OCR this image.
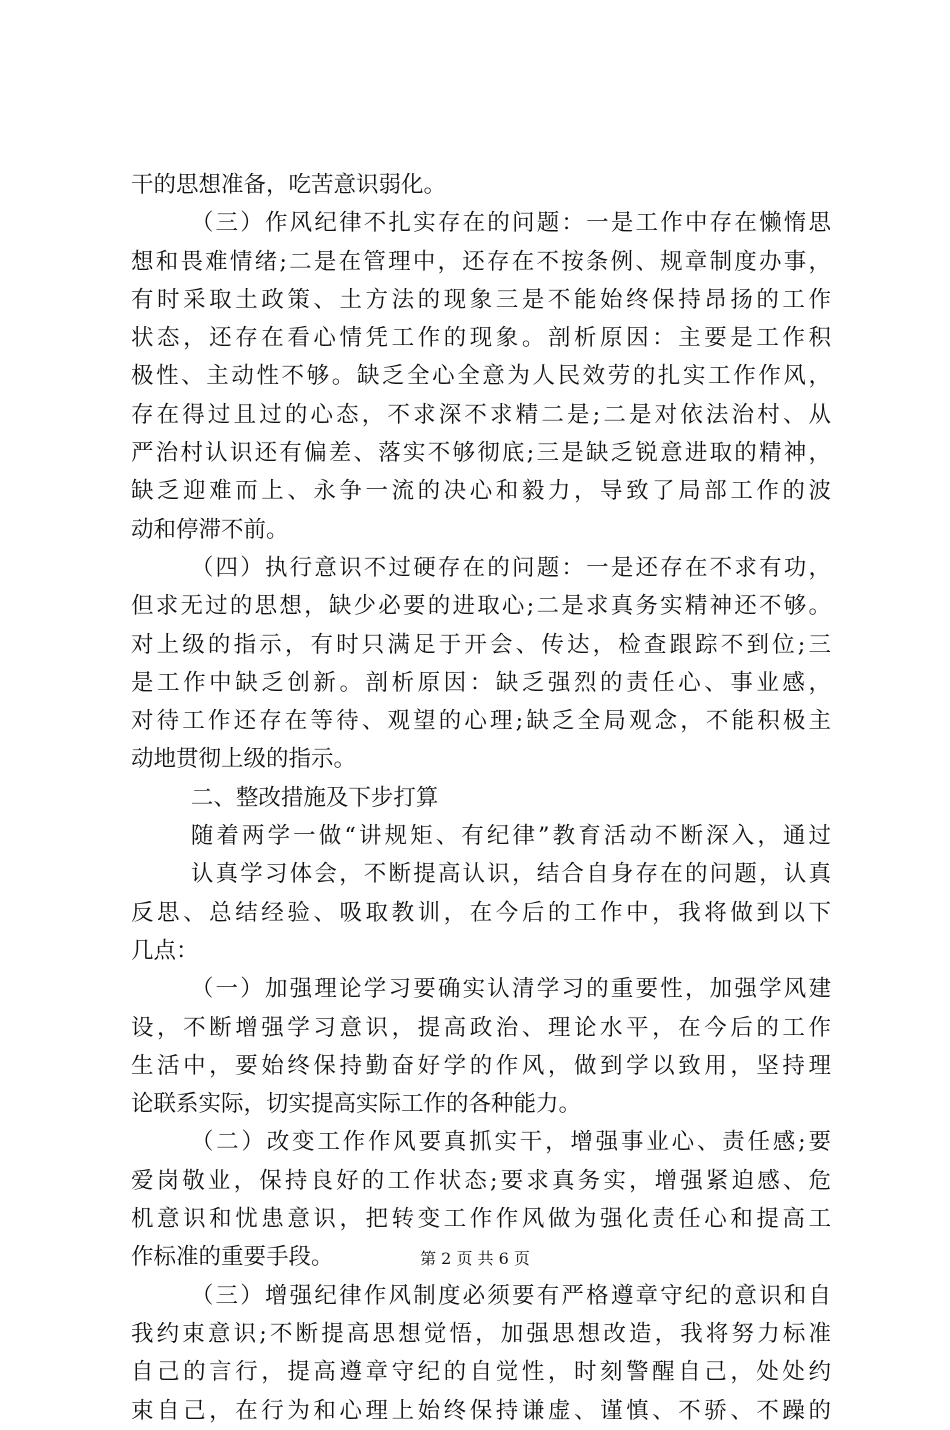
干的思想准备，吃苦意识弱化。
（三）作风纪律不扎实存在的问题：一是工作中存在懒惰思
想和畏难情绪;二是在管理中，还存在不按条例、规章制度办事，
有时采取土政策、土方法的现象三是不能始终保持昂扬的工作
状态，还存在看心情凭工作的现象。剖析原因：主要是工作积
极性、主动性不够。缺乏全心全意为人民效劳的扎实工作作风，
存在得过且过的心态，不求深不求精二是;二是对依法治村、从
严治村认识还有偏差、落实不够彻底;三是缺乏锐意进取的精神，
缺乏迎难而上、永争一流的决心和毅力，导致了局部工作的波
动和停滞不前。
（四）执行意识不过硬存在的问题：一是还存在不求有功，
但求无过的思想，缺少必要的进取心;二是求真务实精神还不够。
对上级的指示，有时只满足于开会、传达，检查跟踪不到位;三
是工作中缺乏创新。剖析原因：缺乏强烈的责任心、事业感，
对待工作还存在等待、观望的心理;缺乏全局观念，不能积极主
动地贯彻上级的指示。
二、整改措施及下步打算
随着两学一做“讲规矩、有纪律”教育活动不断深入，通过
认真学习体会，不断提高认识，结合自身存在的问题，认真
反思、总结经验、吸取教训，在今后的工作中，我将做到以下
几点：
（一）加强理论学习要确实认清学习的重要性，加强学风建
设，不断增强学习意识，提高政治、理论水平，在今后的工作
生活中，要始终保持勤奋好学的作风，做到学以致用，坚持理
论联系实际，切实提高实际工作的各种能力。
（二）改变工作作风要真抓实干，增强事业心、责任感;要
爱岗敬业，保持良好的工作状态;要求真务实，增强紧迫感、危
机意识和忧患意识，把转变工作作风做为强化责任心和提高工
作标准的重要手段。
（三）增强纪律作风制度必须要有严格遵章守纪的意识和自
我约束意识;不断提高思想觉悟，加强思想改造，我将努力标准
自己的言行，提高遵章守纪的自觉性，时刻警醒自己，处处约
束自己，在行为和心理上始终保持谦虚、谨慎、不骄、不躁的
第 2 页 共 6 页
